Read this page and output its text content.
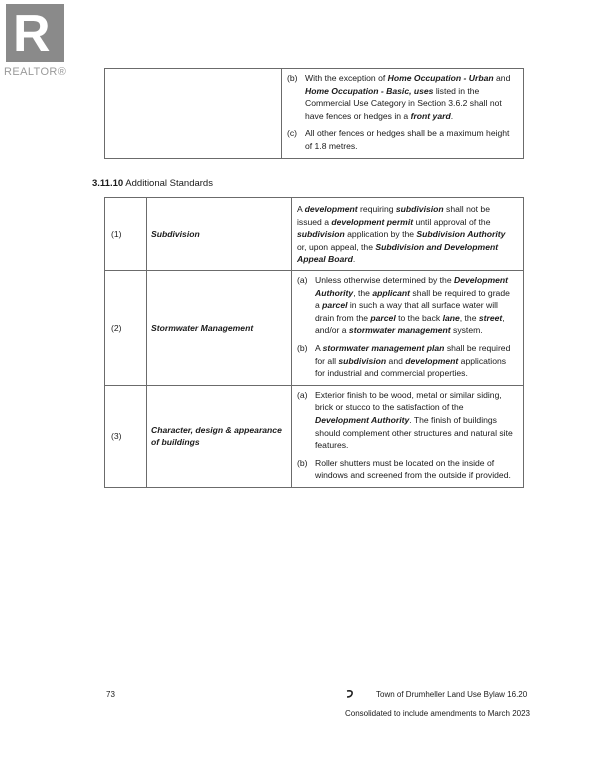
R
REALTOR®
		(b) With the exception of Home Occupation - Urban and Home Occupation - Basic, uses listed in the Commercial Use Category in Section 3.6.2 shall not have fences or hedges in a front yard.
(c) All other fences or hedges shall be a maximum height of 1.8 metres.
3.11.10 Additional Standards
(1)	Subdivision	A development requiring subdivision shall not be issued a development permit until approval of the subdivision application by the Subdivision Authority or, upon appeal, the Subdivision and Development Appeal Board.

(2)	Stormwater Management	(a) Unless otherwise determined by the Development Authority, the applicant shall be required to grade a parcel in such a way that all surface water will drain from the parcel to the back lane, the street, and/or a stormwater management system.
(b) A stormwater management plan shall be required for all subdivision and development applications for industrial and commercial properties.

(3)	Character, design & appearance of buildings	(a) Exterior finish to be wood, metal or similar siding, brick or stucco to the satisfaction of the Development Authority. The finish of buildings should complement other structures and natural site features.
(b) Roller shutters must be located on the inside of windows and screened from the outside if provided.
73	Town of Drumheller Land Use Bylaw 16.20
Consolidated to include amendments to March 2023
